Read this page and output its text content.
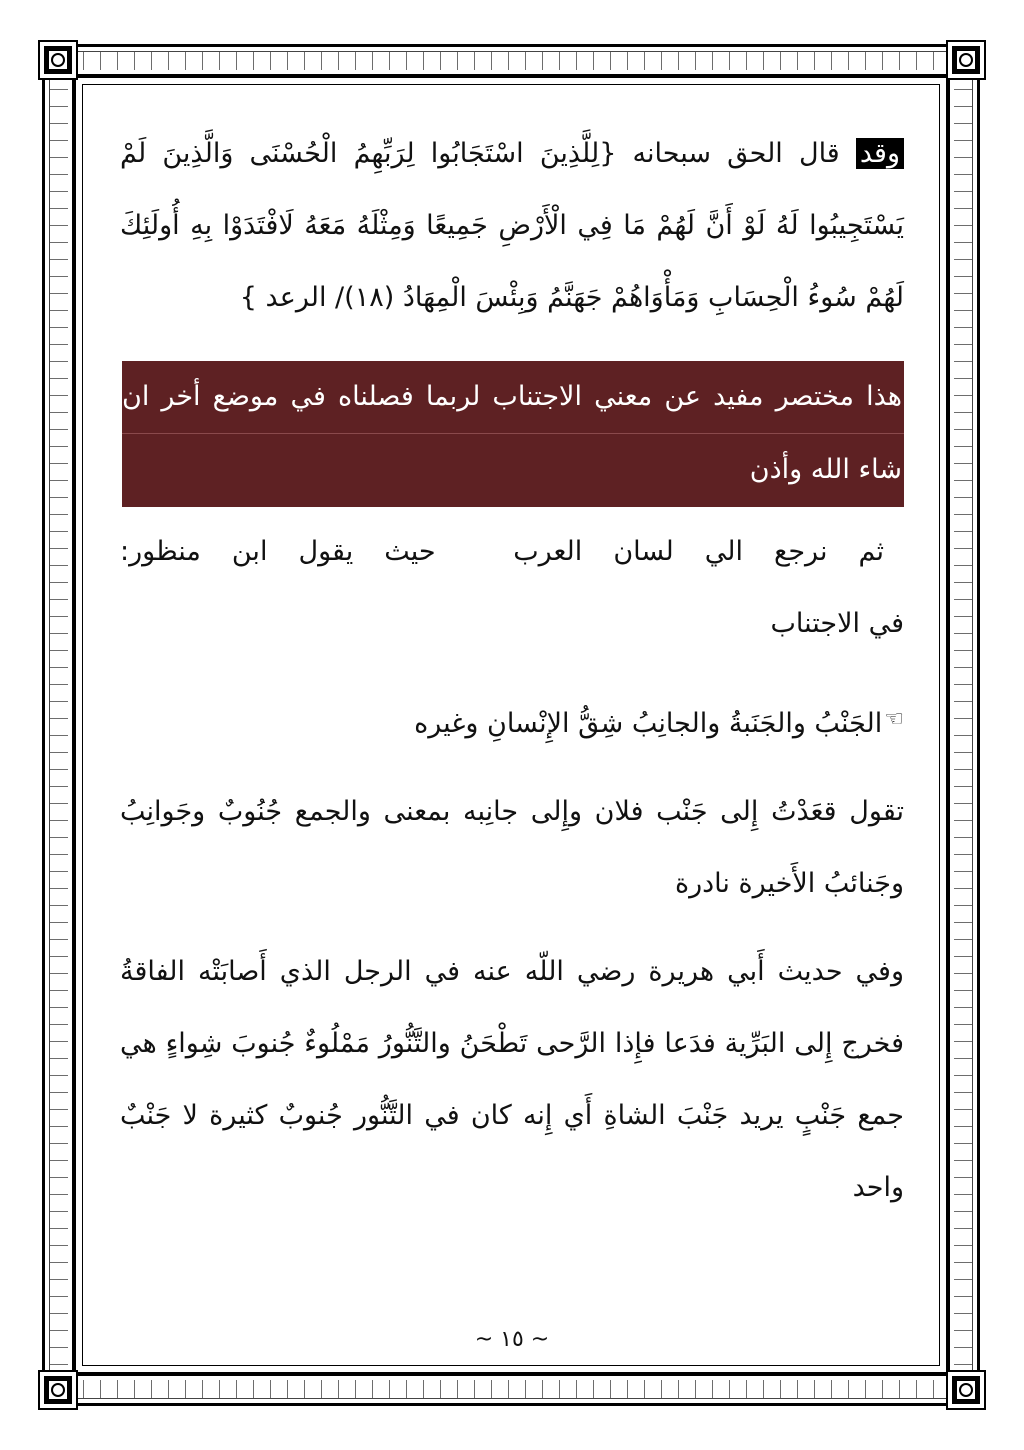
وقد قال الحق سبحانه {لِلَّذِينَ اسْتَجَابُوا لِرَبِّهِمُ الْحُسْنَى وَالَّذِينَ لَمْ يَسْتَجِيبُوا لَهُ لَوْ أَنَّ لَهُمْ مَا فِي الْأَرْضِ جَمِيعًا وَمِثْلَهُ مَعَهُ لَافْتَدَوْا بِهِ أُولَئِكَ لَهُمْ سُوءُ الْحِسَابِ وَمَأْوَاهُمْ جَهَنَّمُ وَبِئْسَ الْمِهَادُ (١٨)/ الرعد }

هذا مختصر مفيد عن معني الاجتناب لربما فصلناه في موضع أخر ان
شاء الله وأذن

ثم  نرجع  الي  لسان  العرب     حيث  يقول  ابن  منظور:

في الاجتناب

☜الجَنْبُ والجَنَبةُ والجانِبُ شِقُّ الإِنْسانِ وغيره

تقول قعَدْتُ إِلى جَنْب فلان وإِلى جانِبه بمعنى والجمع جُنُوبٌ وجَوانِبُ وجَنائبُ الأَخيرة نادرة

وفي حديث أَبي هريرة رضي اللّه عنه في الرجل الذي أَصابَتْه الفاقةُ فخرج إِلى البَرِّية فدَعا فإِذا الرَّحى تَطْحَنُ والتَّنُّورُ مَمْلُوءٌ جُنوبَ شِواءٍ هي جمع جَنْبٍ يريد جَنْبَ الشاةِ أَي إِنه كان في التَّنُّور جُنوبٌ كثيرة لا جَنْبٌ واحد

~ ١٥ ~
